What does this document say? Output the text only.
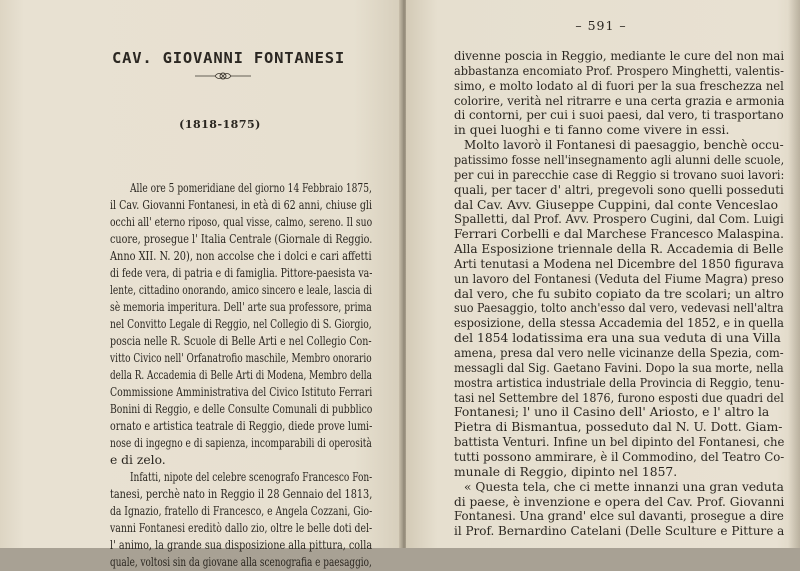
CAV. GIOVANNI FONTANESI
(1818-1875)
Alle ore 5 pomeridiane del giorno 14 Febbraio 1875,
il Cav. Giovanni Fontanesi, in età di 62 anni, chiuse gli
occhi all' eterno riposo, qual visse, calmo, sereno. Il suo
cuore, prosegue l' Italia Centrale (Giornale di Reggio.
Anno XII. N. 20), non accolse che i dolci e cari affetti
di fede vera, di patria e di famiglia. Pittore-paesista va-
lente, cittadino onorando, amico sincero e leale, lascia di
sè memoria imperitura. Dell' arte sua professore, prima
nel Convitto Legale di Reggio, nel Collegio di S. Giorgio,
poscia nelle R. Scuole di Belle Arti e nel Collegio Con-
vitto Civico nell' Orfanatrofio maschile, Membro onorario
della R. Accademia di Belle Arti di Modena, Membro della
Commissione Amministrativa del Civico Istituto Ferrari
Bonini di Reggio, e delle Consulte Comunali di pubblico
ornato e artistica teatrale di Reggio, diede prove lumi-
nose di ingegno e di sapienza, incomparabili di operosità
e di zelo.
Infatti, nipote del celebre scenografo Francesco Fon-
tanesi, perchè nato in Reggio il 28 Gennaio del 1813,
da Ignazio, fratello di Francesco, e Angela Cozzani, Gio-
vanni Fontanesi ereditò dallo zio, oltre le belle doti del-
l' animo, la grande sua disposizione alla pittura, colla
quale, voltosi sin da giovane alla scenografia e paesaggio,
– 591 –
divenne poscia in Reggio, mediante le cure del non mai
abbastanza encomiato Prof. Prospero Minghetti, valentis-
simo, e molto lodato al di fuori per la sua freschezza nel
colorire, verità nel ritrarre e una certa grazia e armonia
di contorni, per cui i suoi paesi, dal vero, ti trasportano
in quei luoghi e ti fanno come vivere in essi.
Molto lavorò il Fontanesi di paesaggio, benchè occu-
patissimo fosse nell'insegnamento agli alunni delle scuole,
per cui in parecchie case di Reggio si trovano suoi lavori:
quali, per tacer d' altri, pregevoli sono quelli posseduti
dal Cav. Avv. Giuseppe Cuppini, dal conte Venceslao
Spalletti, dal Prof. Avv. Prospero Cugini, dal Com. Luigi
Ferrari Corbelli e dal Marchese Francesco Malaspina.
Alla Esposizione triennale della R. Accademia di Belle
Arti tenutasi a Modena nel Dicembre del 1850 figurava
un lavoro del Fontanesi (Veduta del Fiume Magra) preso
dal vero, che fu subito copiato da tre scolari; un altro
suo Paesaggio, tolto anch'esso dal vero, vedevasi nell'altra
esposizione, della stessa Accademia del 1852, e in quella
del 1854 lodatissima era una sua veduta di una Villa
amena, presa dal vero nelle vicinanze della Spezia, com-
messagli dal Sig. Gaetano Favini. Dopo la sua morte, nella
mostra artistica industriale della Provincia di Reggio, tenu-
tasi nel Settembre del 1876, furono esposti due quadri del
Fontanesi; l' uno il Casino dell' Ariosto, e l' altro la
Pietra di Bismantua, posseduto dal N. U. Dott. Giam-
battista Venturi. Infine un bel dipinto del Fontanesi, che
tutti possono ammirare, è il Commodino, del Teatro Co-
munale di Reggio, dipinto nel 1857.
« Questa tela, che ci mette innanzi una gran veduta
di paese, è invenzione e opera del Cav. Prof. Giovanni
Fontanesi. Una grand' elce sul davanti, prosegue a dire
il Prof. Bernardino Catelani (Delle Sculture e Pitture a
